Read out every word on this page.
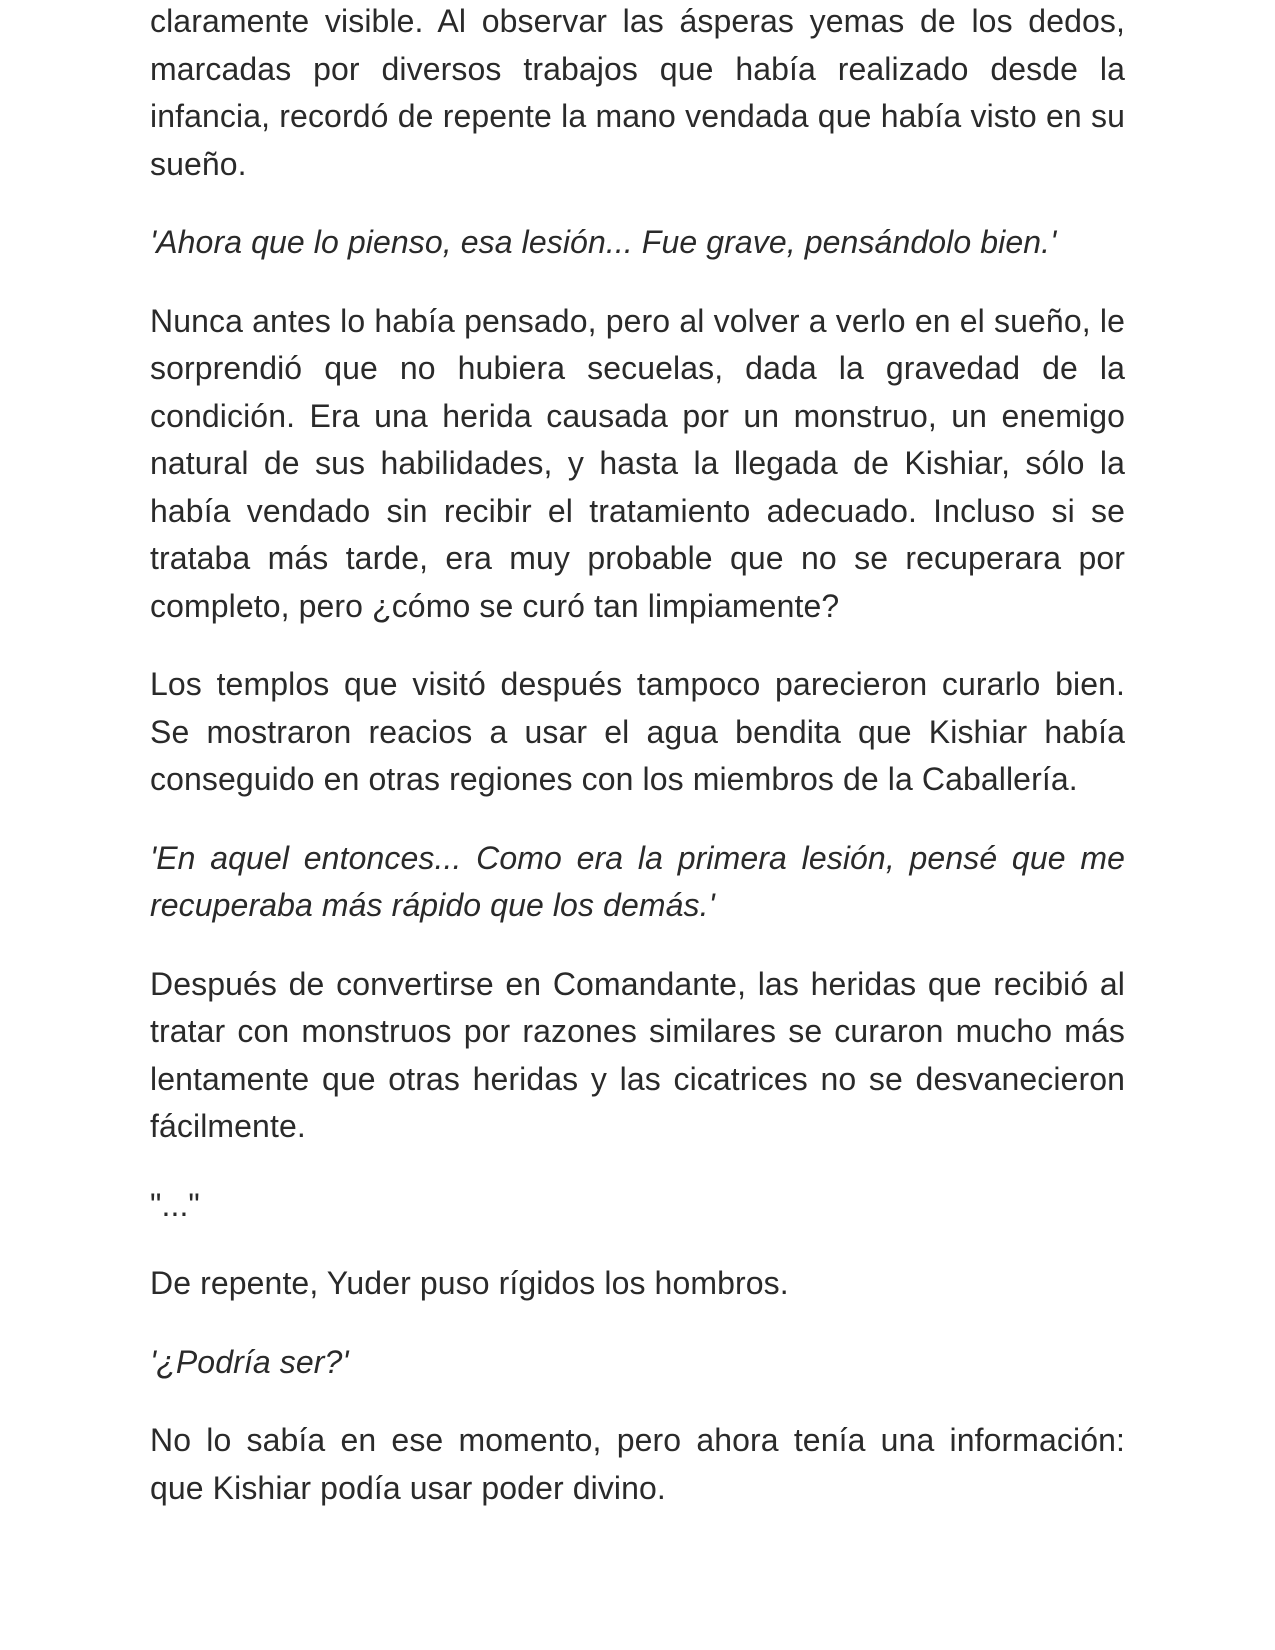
claramente visible. Al observar las ásperas yemas de los dedos, marcadas por diversos trabajos que había realizado desde la infancia, recordó de repente la mano vendada que había visto en su sueño.

'Ahora que lo pienso, esa lesión... Fue grave, pensándolo bien.'

Nunca antes lo había pensado, pero al volver a verlo en el sueño, le sorprendió que no hubiera secuelas, dada la gravedad de la condición. Era una herida causada por un monstruo, un enemigo natural de sus habilidades, y hasta la llegada de Kishiar, sólo la había vendado sin recibir el tratamiento adecuado. Incluso si se trataba más tarde, era muy probable que no se recuperara por completo, pero ¿cómo se curó tan limpiamente?

Los templos que visitó después tampoco parecieron curarlo bien. Se mostraron reacios a usar el agua bendita que Kishiar había conseguido en otras regiones con los miembros de la Caballería.

'En aquel entonces... Como era la primera lesión, pensé que me recuperaba más rápido que los demás.'

Después de convertirse en Comandante, las heridas que recibió al tratar con monstruos por razones similares se curaron mucho más lentamente que otras heridas y las cicatrices no se desvanecieron fácilmente.

"..."

De repente, Yuder puso rígidos los hombros.

'¿Podría ser?'

No lo sabía en ese momento, pero ahora tenía una información: que Kishiar podía usar poder divino.
